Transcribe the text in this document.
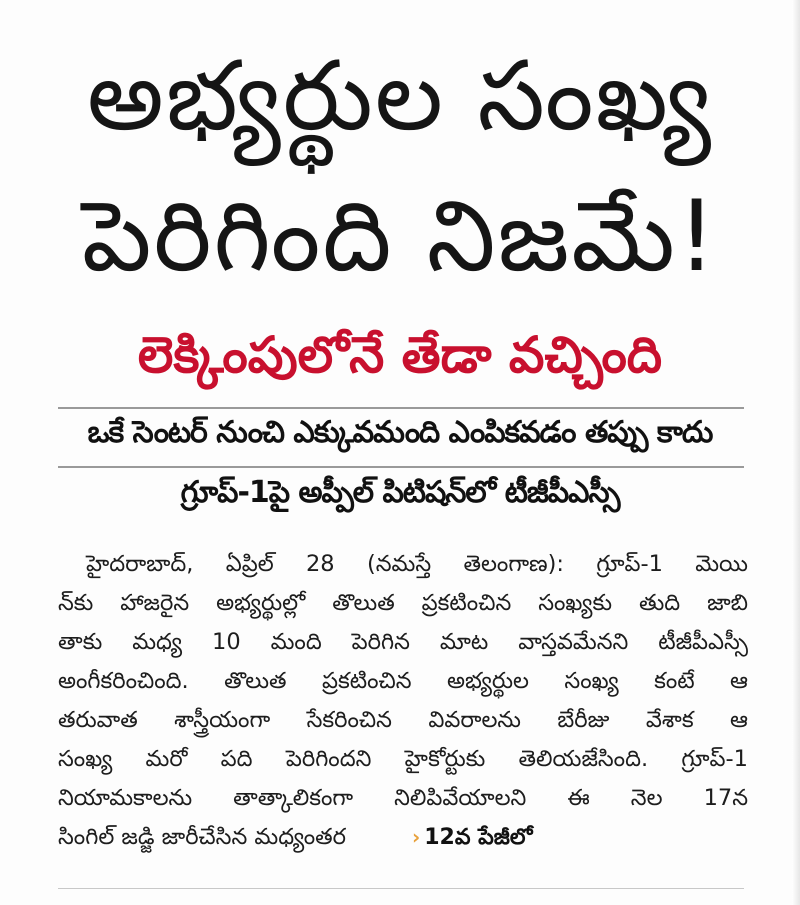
అభ్యర్థుల సంఖ్య
పెరిగింది నిజమే!
లెక్కింపులోనే తేడా వచ్చింది
ఒకే సెంటర్ నుంచి ఎక్కువమంది ఎంపికవడం తప్పు కాదు
గ్రూప్-1పై అప్పీల్ పిటిషన్‌లో టీజీపీఎస్సీ
హైదరాబాద్, ఏప్రిల్ 28 (నమస్తే తెలంగాణ): గ్రూప్-1 మెయి
న్‌కు హాజరైన అభ్యర్థుల్లో తొలుత ప్రకటించిన సంఖ్యకు తుది జాబి
తాకు మధ్య 10 మంది పెరిగిన మాట వాస్తవమేనని టీజీపీఎస్సీ
అంగీకరించింది. తొలుత ప్రకటించిన అభ్యర్థుల సంఖ్య కంటే ఆ
తరువాత శాస్త్రీయంగా సేకరించిన వివరాలను బేరీజు వేశాక ఆ
సంఖ్య మరో పది పెరిగిందని హైకోర్టుకు తెలియజేసింది. గ్రూప్-1
నియామకాలను తాత్కాలికంగా నిలిపివేయాలని ఈ నెల 17న
సింగిల్ జడ్జి జారీచేసిన మధ్యంతర	› 12వ పేజీలో
